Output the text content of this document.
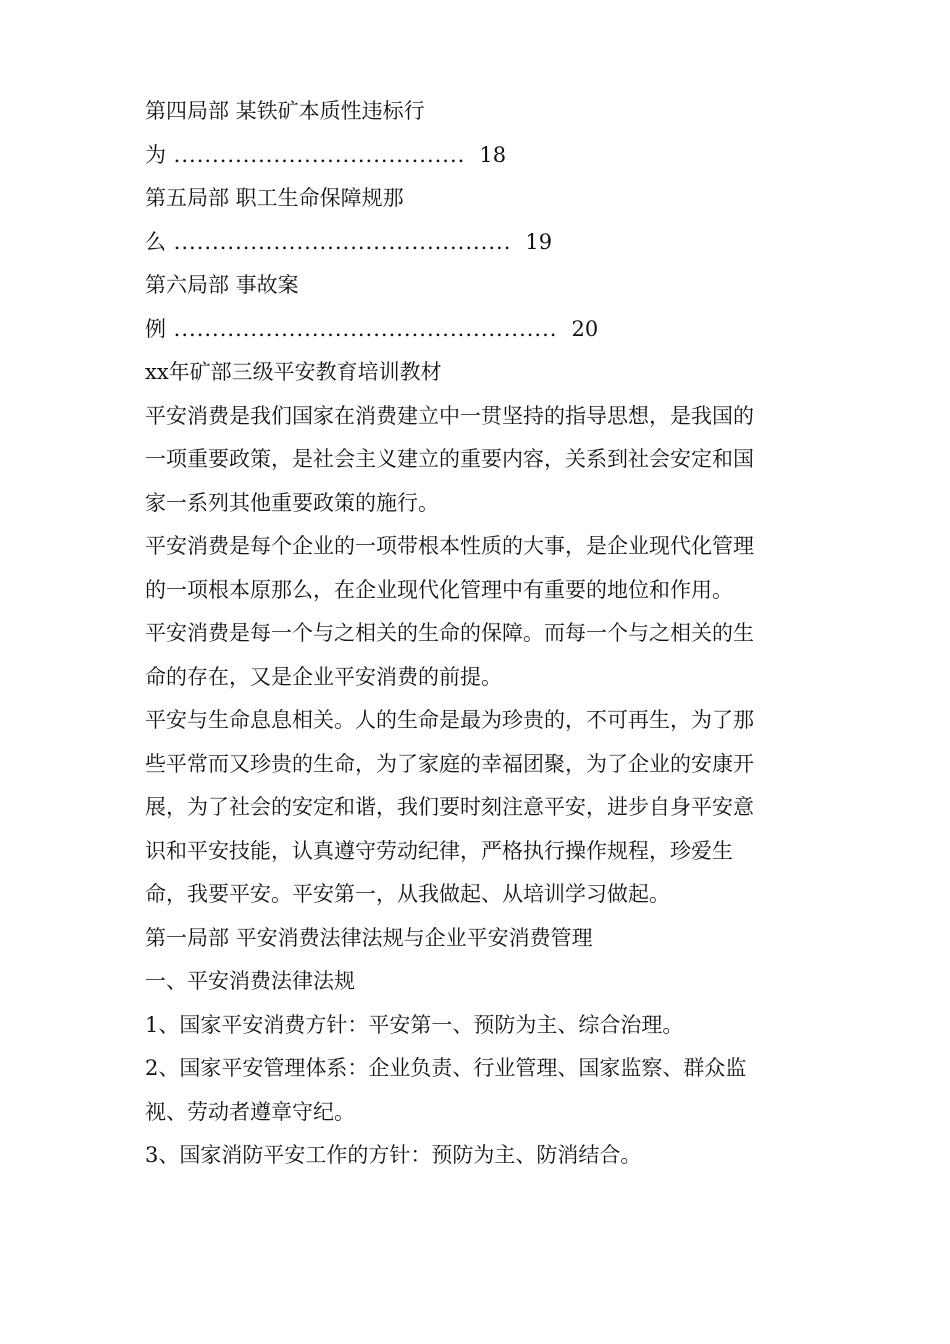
第四局部 某铁矿本质性违标行
为 ...................................... 18
第五局部 职工生命保障规那
么 ............................................ 19
第六局部 事故案
例 .................................................. 20
xx年矿部三级平安教育培训教材
平安消费是我们国家在消费建立中一贯坚持的指导思想，是我国的
一项重要政策，是社会主义建立的重要内容，关系到社会安定和国
家一系列其他重要政策的施行。
平安消费是每个企业的一项带根本性质的大事，是企业现代化管理
的一项根本原那么，在企业现代化管理中有重要的地位和作用。
平安消费是每一个与之相关的生命的保障。而每一个与之相关的生
命的存在，又是企业平安消费的前提。
平安与生命息息相关。人的生命是最为珍贵的，不可再生，为了那
些平常而又珍贵的生命，为了家庭的幸福团聚，为了企业的安康开
展，为了社会的安定和谐，我们要时刻注意平安，进步自身平安意
识和平安技能，认真遵守劳动纪律，严格执行操作规程，珍爱生
命，我要平安。平安第一，从我做起、从培训学习做起。
第一局部 平安消费法律法规与企业平安消费管理
一、平安消费法律法规
1、国家平安消费方针：平安第一、预防为主、综合治理。
2、国家平安管理体系：企业负责、行业管理、国家监察、群众监
视、劳动者遵章守纪。
3、国家消防平安工作的方针：预防为主、防消结合。
